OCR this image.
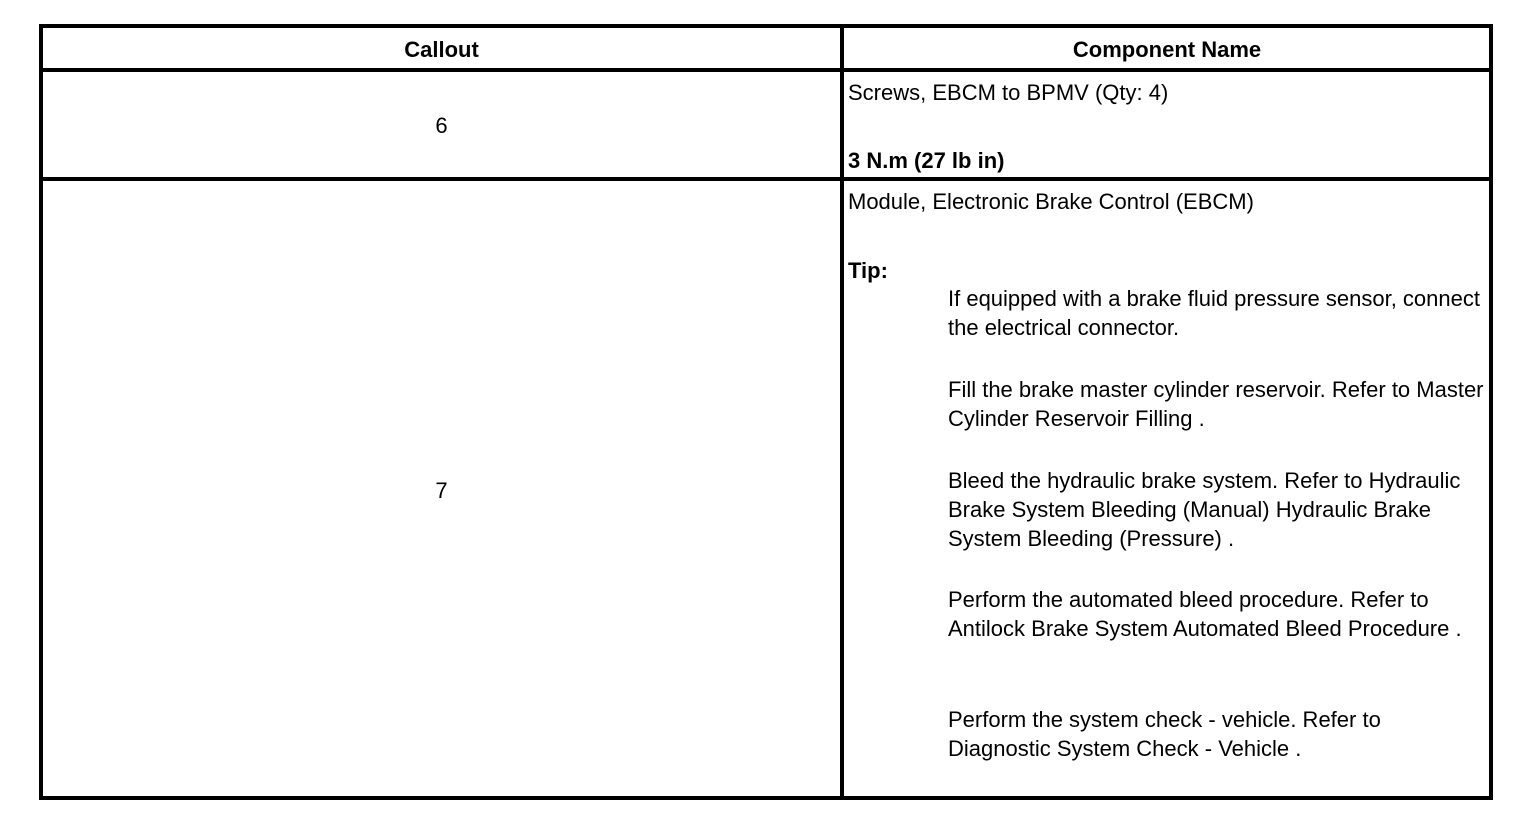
Callout	Component Name
6
Screws, EBCM to BPMV (Qty: 4)
3 N.m (27 lb in)
7
Module, Electronic Brake Control (EBCM)
Tip:
If equipped with a brake fluid pressure sensor, connect the electrical connector.
Fill the brake master cylinder reservoir. Refer to Master Cylinder Reservoir Filling .
Bleed the hydraulic brake system. Refer to Hydraulic Brake System Bleeding (Manual) Hydraulic Brake System Bleeding (Pressure) .
Perform the automated bleed procedure. Refer to Antilock Brake System Automated Bleed Procedure .
Perform the system check - vehicle. Refer to Diagnostic System Check - Vehicle .
